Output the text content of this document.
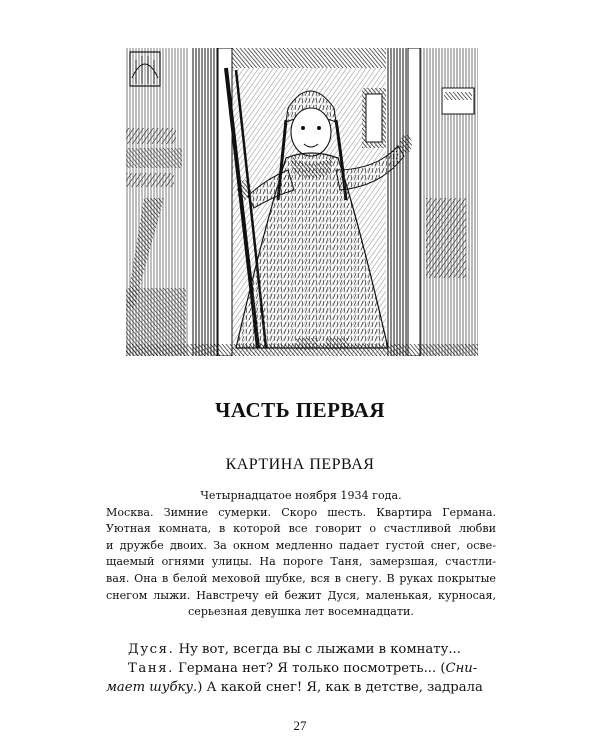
ЧАСТЬ ПЕРВАЯ
КАРТИНА ПЕРВАЯ
Четырнадцатое ноября 1934 года.
Москва. Зимние сумерки. Скоро шесть. Квартира Германа.
Уютная комната, в которой все говорит о счастливой любви
и дружбе двоих. За окном медленно падает густой снег, осве-
щаемый огнями улицы. На пороге Таня, замерзшая, счастли-
вая. Она в белой меховой шубке, вся в снегу. В руках покрытые
снегом лыжи. Навстречу ей бежит Дуся, маленькая, курносая,
серьезная девушка лет восемнадцати.
Дуся. Ну вот, всегда вы с лыжами в комнату...
Таня. Германа нет? Я только посмотреть... (Сни-
мает шубку.) А какой снег! Я, как в детстве, задрала
27
